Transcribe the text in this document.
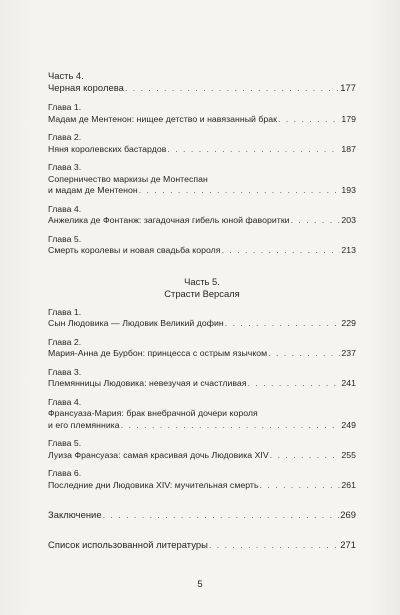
Часть 4.
Черная королева . . .	177
Глава 1.
Мадам де Ментенон: нищее детство и навязанный брак . . .	179
Глава 2.
Няня королевских бастардов . . .	187
Глава 3.
Соперничество маркизы де Монтеспан
и мадам де Ментенон . . .	193
Глава 4.
Анжелика де Фонтанж: загадочная гибель юной фаворитки . . .	203
Глава 5.
Смерть королевы и новая свадьба короля . . .	213
Часть 5.
Страсти Версаля
Глава 1.
Сын Людовика — Людовик Великий дофин . . .	229
Глава 2.
Мария-Анна де Бурбон: принцесса с острым язычком . . .	237
Глава 3.
Племянницы Людовика: невезучая и счастливая . . .	241
Глава 4.
Франсуаза-Мария: брак внебрачной дочери короля
и его племянника . . .	249
Глава 5.
Луиза Франсуаза: самая красивая дочь Людовика XIV . . .	255
Глава 6.
Последние дни Людовика XIV: мучительная смерть . . .	261
Заключение . . .	269
Список использованной литературы . . .	271
5
